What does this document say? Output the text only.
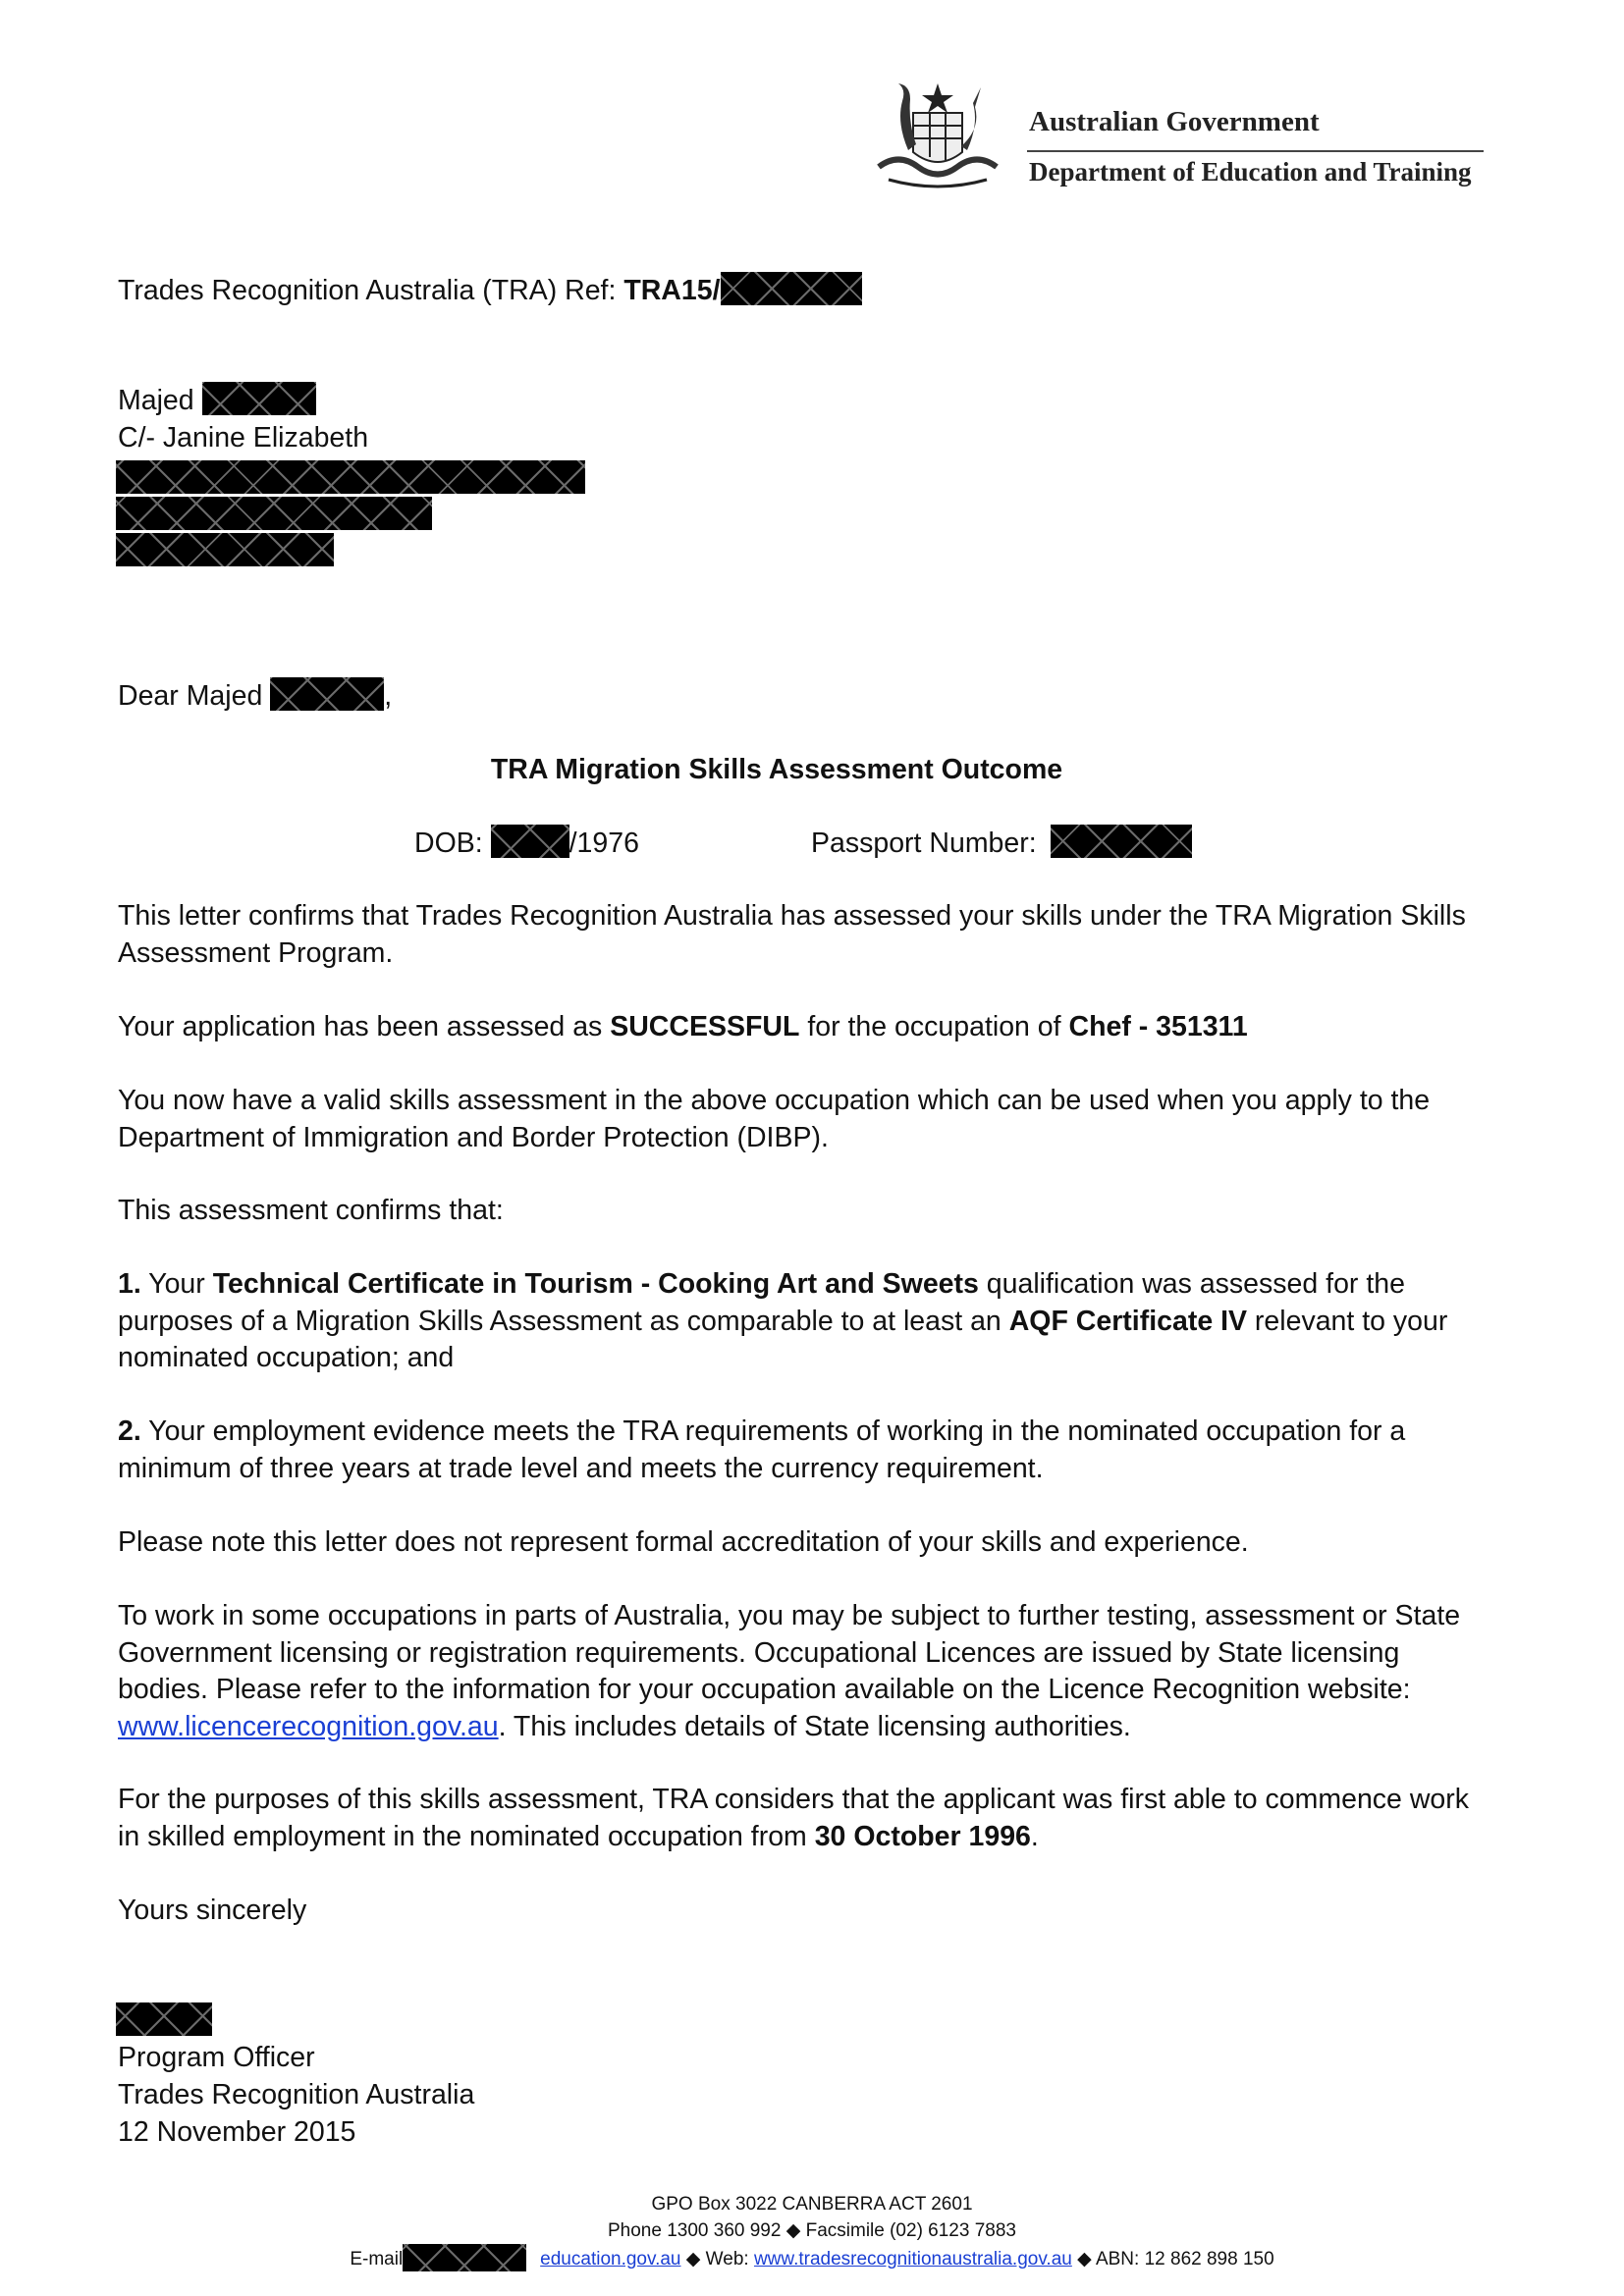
Australian Government
Department of Education and Training
Trades Recognition Australia (TRA) Ref: TRA15/
Majed
C/- Janine Elizabeth
Dear Majed	,
TRA Migration Skills Assessment Outcome
DOB:	/1976	Passport Number:
This letter confirms that Trades Recognition Australia has assessed your skills under the TRA Migration Skills Assessment Program.
Your application has been assessed as SUCCESSFUL for the occupation of Chef - 351311
You now have a valid skills assessment in the above occupation which can be used when you apply to the Department of Immigration and Border Protection (DIBP).
This assessment confirms that:
1. Your Technical Certificate in Tourism - Cooking Art and Sweets qualification was assessed for the purposes of a Migration Skills Assessment as comparable to at least an AQF Certificate IV relevant to your nominated occupation; and
2. Your employment evidence meets the TRA requirements of working in the nominated occupation for a minimum of three years at trade level and meets the currency requirement.
Please note this letter does not represent formal accreditation of your skills and experience.
To work in some occupations in parts of Australia, you may be subject to further testing, assessment or State Government licensing or registration requirements. Occupational Licences are issued by State licensing bodies. Please refer to the information for your occupation available on the Licence Recognition website: www.licencerecognition.gov.au. This includes details of State licensing authorities.
For the purposes of this skills assessment, TRA considers that the applicant was first able to commence work in skilled employment in the nominated occupation from 30 October 1996.
Yours sincerely
Program Officer
Trades Recognition Australia
12 November 2015
GPO Box 3022 CANBERRA ACT 2601
Phone 1300 360 992 ◆ Facsimile (02) 6123 7883
E-mail	education.gov.au ◆ Web: www.tradesrecognitionaustralia.gov.au ◆ ABN: 12 862 898 150
